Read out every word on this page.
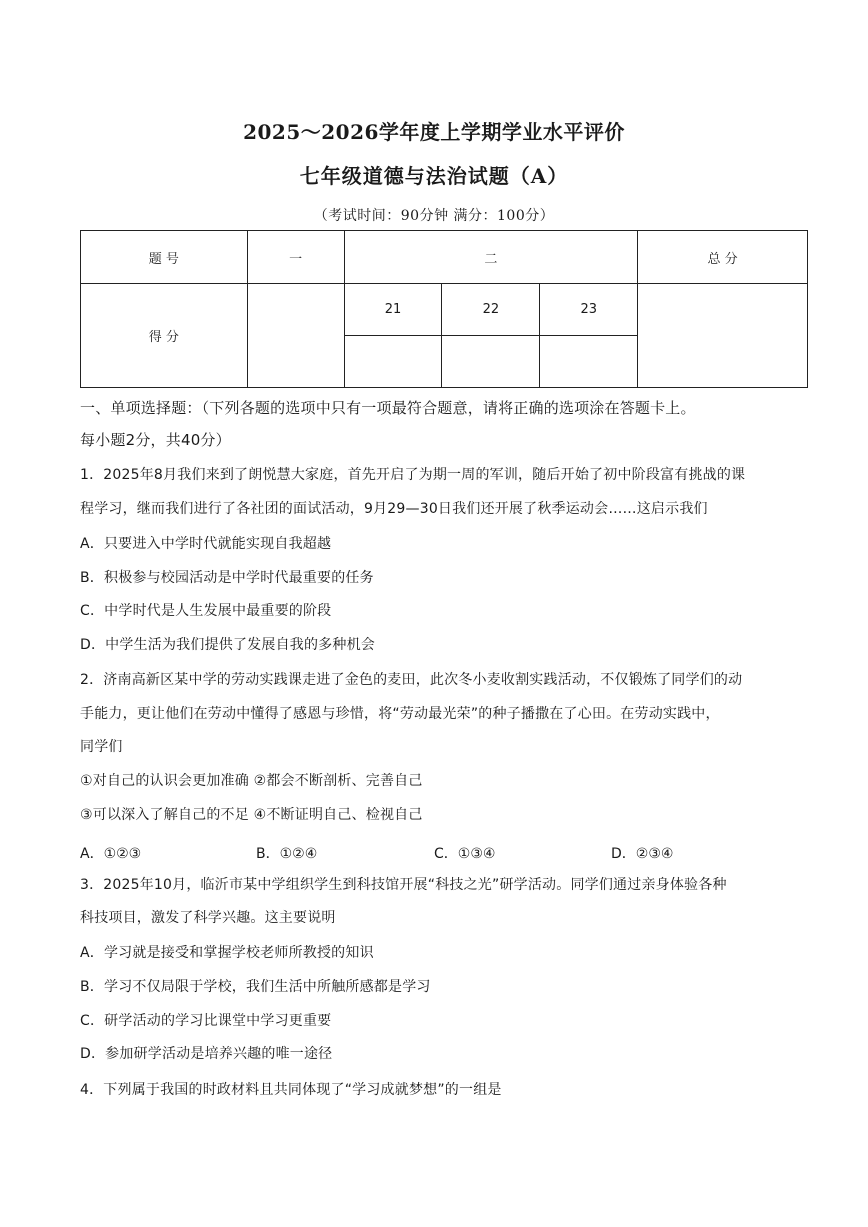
2025～2026学年度上学期学业水平评价
七年级道德与法治试题（A）
（考试时间：90分钟 满分：100分）
题 号	一	二			总 分
得 分		21	22	23	

一、单项选择题：（下列各题的选项中只有一项最符合题意，请将正确的选项涂在答题卡上。
每小题2分，共40分）
1．2025年8月我们来到了朗悦慧大家庭，首先开启了为期一周的军训，随后开始了初中阶段富有挑战的课
程学习，继而我们进行了各社团的面试活动，9月29—30日我们还开展了秋季运动会……这启示我们
A．只要进入中学时代就能实现自我超越
B．积极参与校园活动是中学时代最重要的任务
C．中学时代是人生发展中最重要的阶段
D．中学生活为我们提供了发展自我的多种机会
2．济南高新区某中学的劳动实践课走进了金色的麦田，此次冬小麦收割实践活动，不仅锻炼了同学们的动
手能力，更让他们在劳动中懂得了感恩与珍惜，将“劳动最光荣”的种子播撒在了心田。在劳动实践中，
同学们
①对自己的认识会更加准确 ②都会不断剖析、完善自己
③可以深入了解自己的不足 ④不断证明自己、检视自己
A．①②③	B．①②④	C．①③④	D．②③④
3．2025年10月，临沂市某中学组织学生到科技馆开展“科技之光”研学活动。同学们通过亲身体验各种
科技项目，激发了科学兴趣。这主要说明
A．学习就是接受和掌握学校老师所教授的知识
B．学习不仅局限于学校，我们生活中所触所感都是学习
C．研学活动的学习比课堂中学习更重要
D．参加研学活动是培养兴趣的唯一途径
4．下列属于我国的时政材料且共同体现了“学习成就梦想”的一组是
